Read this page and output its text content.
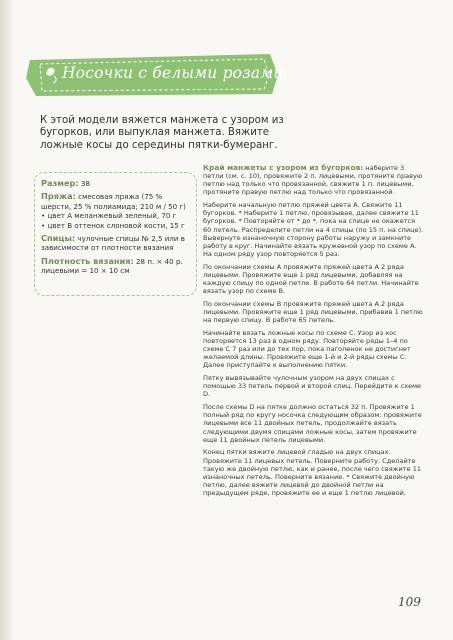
Носочки с белыми розами
К этой модели вяжется манжета с узором из бугорков, или выпуклая манжета. Вяжите ложные косы до середины пятки-бумеранг.

Размер: 38

Пряжа: смесовая пряжа (75 % шерсти, 25 % полиамида; 210 м / 50 г)
• цвет А меланжевый зеленый, 70 г
• цвет В оттенок слоновой кости, 15 г

Спицы: чулочные спицы № 2,5 или в зависимости от плотности вязания

Плотность вязания: 28 п. × 40 р. лицевыми = 10 × 10 см

Край манжеты с узором из бугорков: наберите 3 петли (см. с. 10), провяжите 2 п. лицевыми, протяните правую петлю над только что провязанной, свяжите 1 п. лицевыми, протяните правую петлю над только что провязанной.

Наберите начальную петлю пряжей цвета А. Свяжите 11 бугорков. * Наберите 1 петлю, провязывая, далее свяжите 11 бугорков. * Повторяйте от * до *, пока на спице не окажется 60 петель. Распределите петли на 4 спицы (по 15 п. на спице). Вывернуте изнаночную сторону работы наружу и замкните работу в круг. Начинайте вязать кружевной узор по схеме А. На одном ряду узор повторяется 5 раз.

По окончании схемы А провяжите пряжей цвета А 2 ряда лицевыми. Провяжите еще 1 ряд лицевыми, добавляя на каждую спицу по одной петле. В работе 64 петли. Начинайте вязать узор по схеме В.

По окончании схемы В провяжите пряжей цвета А 2 ряда лицевыми. Провяжите еще 1 ряд лицевыми, прибавив 1 петлю на первую спицу. В работе 65 петель.

Начинайте вязать ложные косы по схеме С. Узор из кос повторяется 13 раз в одном ряду. Повторяйте ряды 1–4 по схеме С 7 раз или до тех пор, пока паголенок не достигнет желаемой длины. Провяжите еще 1-й и 2-й ряды схемы С. Далее приступайте к выполнению пятки.

Пятку вывязывайте чулочным узором на двух спицах с помощью 33 петель первой и второй спиц. Перейдите к схеме D.

После схемы D на пятке должно остаться 32 п. Провяжите 1 полный ряд по кругу носочка следующим образом: провяжите лицевыми все 11 двойных петель, продолжайте вязать следующими двумя спицами ложные косы, затем провяжите еще 11 двойных петель лицевыми.

Конец пятки вяжите лицевой гладью на двух спицах. Провяжите 11 лицевых петель. Поверните работу. Сделайте такую же двойную петлю, как и ранее, после чего свяжите 11 изнаночных петель. Поверните вязание. * Свяжите двойную петлю, далее вяжите лицевой до двойной петли на предыдущем ряде, провяжите ее и еще 1 петлю лицевой.

109
